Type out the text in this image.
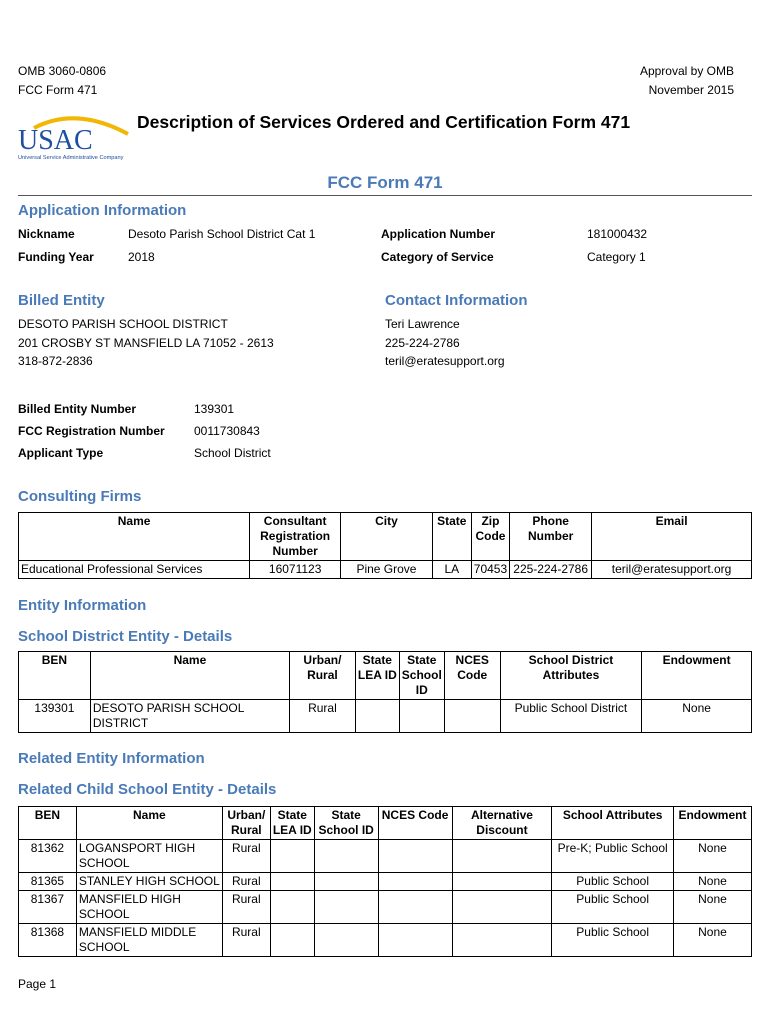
OMB 3060-0806
FCC Form 471
Approval by OMB
November 2015
USAC
Universal Service Administrative Company
Description of Services Ordered and Certification Form 471
FCC Form 471
Application Information
Nickname	Desoto Parish School District Cat 1
Funding Year	2018
Application Number	181000432
Category of Service	Category 1
Billed Entity
DESOTO PARISH SCHOOL DISTRICT
201 CROSBY ST MANSFIELD LA 71052 - 2613
318-872-2836
Contact Information
Teri Lawrence
225-224-2786
teril@eratesupport.org
Billed Entity Number	139301
FCC Registration Number 0011730843
Applicant Type	School District
Consulting Firms
Name	Consultant Registration Number	City	State	Zip Code	Phone Number	Email
Educational Professional Services	16071123	Pine Grove	LA	70453	225-224-2786	teril@eratesupport.org
Entity Information
School District Entity - Details
BEN	Name	Urban/ Rural	State LEA ID	State School ID	NCES Code	School District Attributes	Endowment
139301	DESOTO PARISH SCHOOL DISTRICT	Rural				Public School District	None
Related Entity Information
Related Child School Entity - Details
BEN	Name	Urban/ Rural	State LEA ID	State School ID	NCES Code	Alternative Discount	School Attributes	Endowment
81362	LOGANSPORT HIGH SCHOOL	Rural					Pre-K; Public School	None
81365	STANLEY HIGH SCHOOL	Rural					Public School	None
81367	MANSFIELD HIGH SCHOOL	Rural					Public School	None
81368	MANSFIELD MIDDLE SCHOOL	Rural					Public School	None
Page 1
